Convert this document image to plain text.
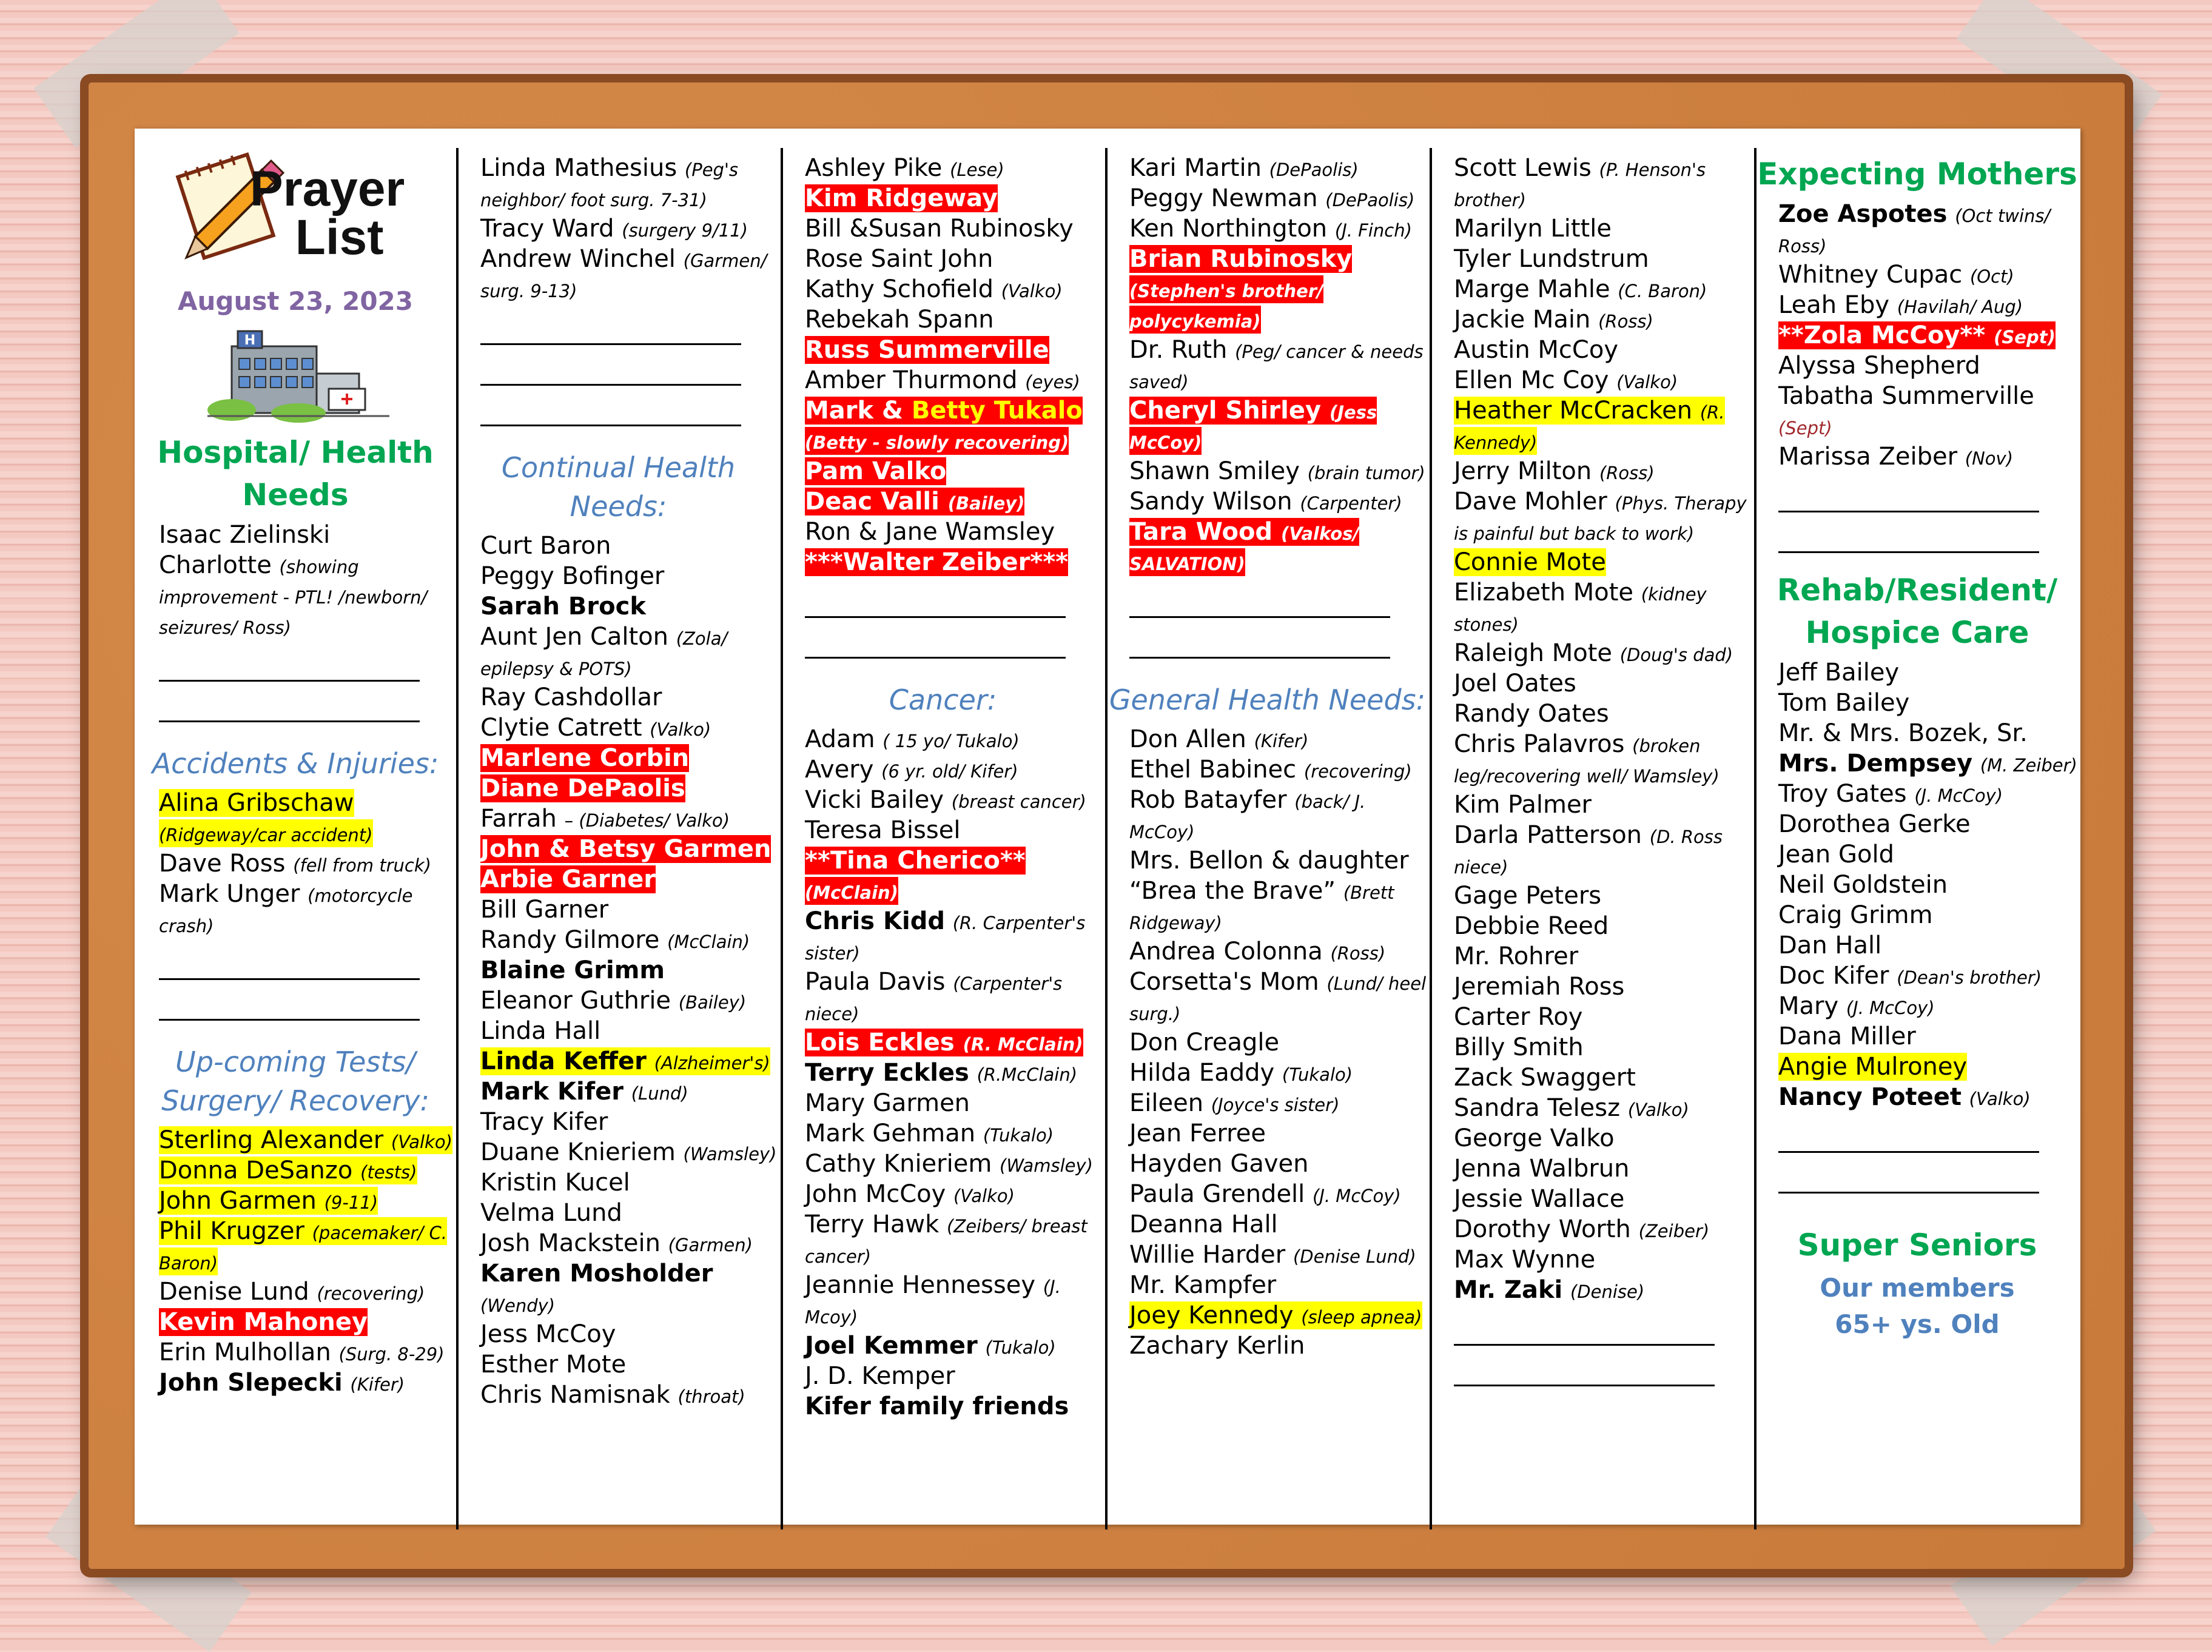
Prayer
List
August 23, 2023
H
Hospital/ Health Needs
Isaac Zielinski
Charlotte (showing improvement - PTL! /newborn/ seizures/ Ross)
Accidents & Injuries:
Alina Gribschaw (Ridgeway/car accident)
Dave Ross (fell from truck)
Mark Unger (motorcycle crash)
Up-coming Tests/ Surgery/ Recovery:
Sterling Alexander (Valko)
Donna DeSanzo (tests)
John Garmen (9-11)
Phil Krugzer (pacemaker/ C. Baron)
Denise Lund (recovering)
Kevin Mahoney
Erin Mulhollan (Surg. 8-29)
John Slepecki (Kifer)
Linda Mathesius (Peg's neighbor/ foot surg. 7-31)
Tracy Ward (surgery 9/11)
Andrew Winchel (Garmen/ surg. 9-13)
Continual Health Needs:
Curt Baron
Peggy Bofinger
Sarah Brock
Aunt Jen Calton (Zola/ epilepsy & POTS)
Ray Cashdollar
Clytie Catrett (Valko)
Marlene Corbin
Diane DePaolis
Farrah – (Diabetes/ Valko)
John & Betsy Garmen
Arbie Garner
Bill Garner
Randy Gilmore (McClain)
Blaine Grimm
Eleanor Guthrie (Bailey)
Linda Hall
Linda Keffer (Alzheimer's)
Mark Kifer (Lund)
Tracy Kifer
Duane Knieriem (Wamsley)
Kristin Kucel
Velma Lund
Josh Mackstein (Garmen)
Karen Mosholder (Wendy)
Jess McCoy
Esther Mote
Chris Namisnak (throat)
Ashley Pike (Lese)
Kim Ridgeway
Bill &Susan Rubinosky
Rose Saint John
Kathy Schofield (Valko)
Rebekah Spann
Russ Summerville
Amber Thurmond (eyes)
Mark & Betty Tukalo (Betty - slowly recovering)
Pam Valko
Deac Valli (Bailey)
Ron & Jane Wamsley
***Walter Zeiber***
Cancer:
Adam ( 15 yo/ Tukalo)
Avery (6 yr. old/ Kifer)
Vicki Bailey (breast cancer)
Teresa Bissel
**Tina Cherico** (McClain)
Chris Kidd (R. Carpenter's sister)
Paula Davis (Carpenter's niece)
Lois Eckles (R. McClain)
Terry Eckles (R.McClain)
Mary Garmen
Mark Gehman (Tukalo)
Cathy Knieriem (Wamsley)
John McCoy (Valko)
Terry Hawk (Zeibers/ breast cancer)
Jeannie Hennessey (J. Mcoy)
Joel Kemmer (Tukalo)
J. D. Kemper
Kifer family friends
Kari Martin (DePaolis)
Peggy Newman (DePaolis)
Ken Northington (J. Finch)
Brian Rubinosky (Stephen's brother/ polycykemia)
Dr. Ruth (Peg/ cancer & needs saved)
Cheryl Shirley (Jess McCoy)
Shawn Smiley (brain tumor)
Sandy Wilson (Carpenter)
Tara Wood (Valkos/ SALVATION)
General Health Needs:
Don Allen (Kifer)
Ethel Babinec (recovering)
Rob Batayfer (back/ J. McCoy)
Mrs. Bellon & daughter
“Brea the Brave” (Brett Ridgeway)
Andrea Colonna (Ross)
Corsetta's Mom (Lund/ heel surg.)
Don Creagle
Hilda Eaddy (Tukalo)
Eileen (Joyce's sister)
Jean Ferree
Hayden Gaven
Paula Grendell (J. McCoy)
Deanna Hall
Willie Harder (Denise Lund)
Mr. Kampfer
Joey Kennedy (sleep apnea)
Zachary Kerlin
Scott Lewis (P. Henson's brother)
Marilyn Little
Tyler Lundstrum
Marge Mahle (C. Baron)
Jackie Main (Ross)
Austin McCoy
Ellen Mc Coy (Valko)
Heather McCracken (R. Kennedy)
Jerry Milton (Ross)
Dave Mohler (Phys. Therapy is painful but back to work)
Connie Mote
Elizabeth Mote (kidney stones)
Raleigh Mote (Doug's dad)
Joel Oates
Randy Oates
Chris Palavros (broken leg/recovering well/ Wamsley)
Kim Palmer
Darla Patterson (D. Ross niece)
Gage Peters
Debbie Reed
Mr. Rohrer
Jeremiah Ross
Carter Roy
Billy Smith
Zack Swaggert
Sandra Telesz (Valko)
George Valko
Jenna Walbrun
Jessie Wallace
Dorothy Worth (Zeiber)
Max Wynne
Mr. Zaki (Denise)
Expecting Mothers
Zoe Aspotes (Oct twins/ Ross)
Whitney Cupac (Oct)
Leah Eby (Havilah/ Aug)
**Zola McCoy** (Sept)
Alyssa Shepherd
Tabatha Summerville (Sept)
Marissa Zeiber (Nov)
Rehab/Resident/ Hospice Care
Jeff Bailey
Tom Bailey
Mr. & Mrs. Bozek, Sr.
Mrs. Dempsey (M. Zeiber)
Troy Gates (J. McCoy)
Dorothea Gerke
Jean Gold
Neil Goldstein
Craig Grimm
Dan Hall
Doc Kifer (Dean's brother)
Mary (J. McCoy)
Dana Miller
Angie Mulroney
Nancy Poteet (Valko)
Super Seniors
Our members
65+ ys. Old
